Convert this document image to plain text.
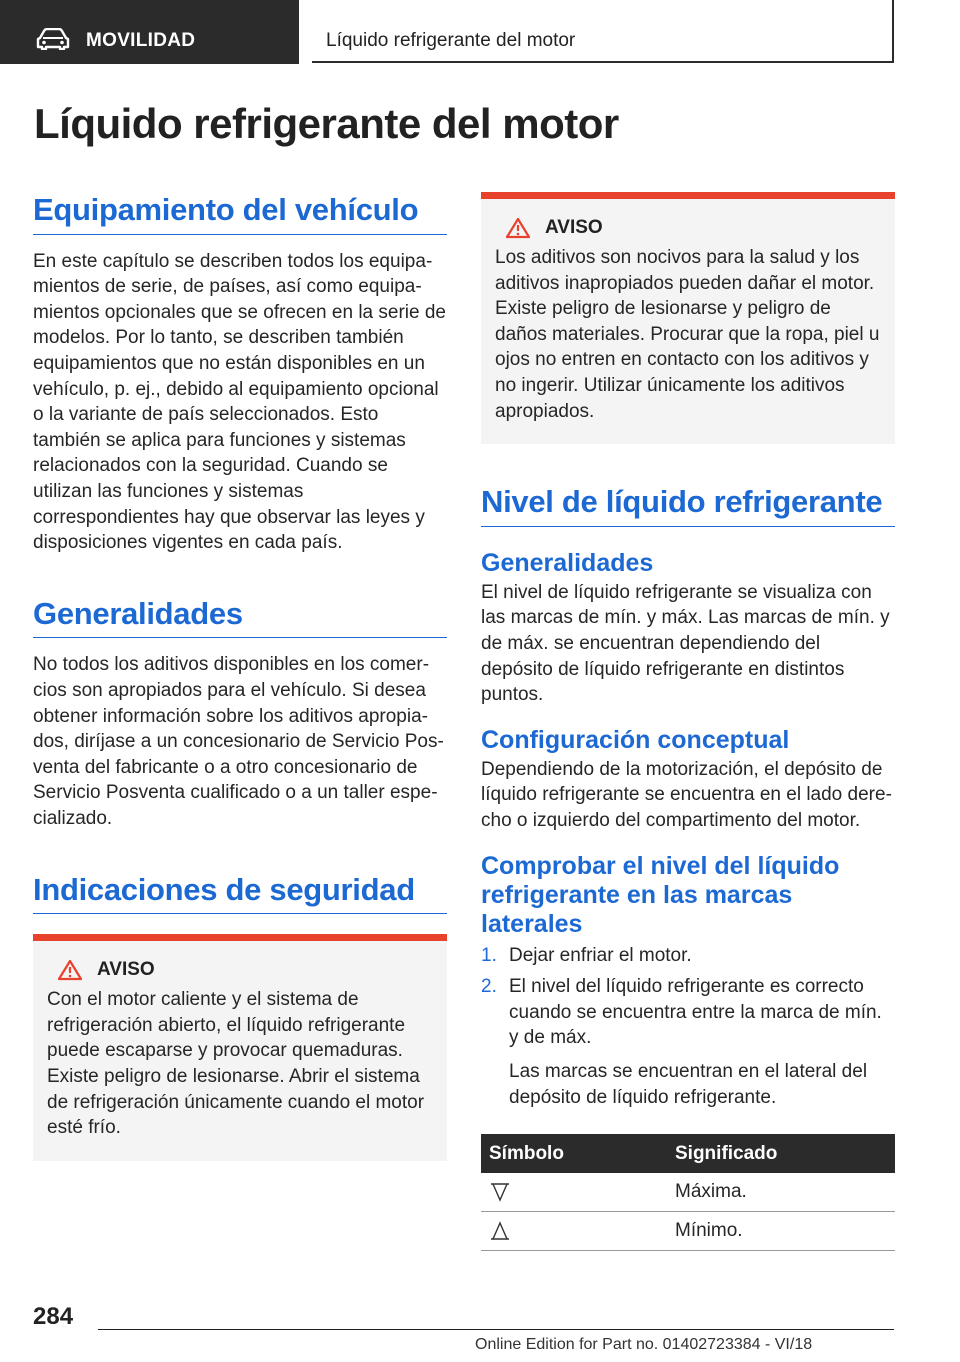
MOVILIDAD	Líquido refrigerante del motor
Líquido refrigerante del motor
Equipamiento del vehículo

En este capítulo se describen todos los equipamientos de serie, de países, así como equipamientos opcionales que se ofrecen en la serie de modelos. Por lo tanto, se describen también equipamientos que no están disponibles en un vehículo, p. ej., debido al equipamiento opcional o la variante de país seleccionados. Esto también se aplica para funciones y sistemas relacionados con la seguridad. Cuando se utilizan las funciones y sistemas correspondientes hay que observar las leyes y disposiciones vigentes en cada país.

Generalidades

No todos los aditivos disponibles en los comercios son apropiados para el vehículo. Si desea obtener información sobre los aditivos apropiados, diríjase a un concesionario de Servicio Posventa del fabricante o a otro concesionario de Servicio Posventa cualificado o a un taller especializado.

Indicaciones de seguridad
AVISO

Con el motor caliente y el sistema de refrigeración abierto, el líquido refrigerante puede escaparse y provocar quemaduras. Existe peligro de lesionarse. Abrir el sistema de refrigeración únicamente cuando el motor esté frío.

AVISO

Los aditivos son nocivos para la salud y los aditivos inapropiados pueden dañar el motor. Existe peligro de lesionarse y peligro de daños materiales. Procurar que la ropa, piel u ojos no entren en contacto con los aditivos y no ingerir. Utilizar únicamente los aditivos apropiados.

Nivel de líquido refrigerante
Generalidades

El nivel de líquido refrigerante se visualiza con las marcas de mín. y máx. Las marcas de mín. y de máx. se encuentran dependiendo del depósito de líquido refrigerante en distintos puntos.

Configuración conceptual

Dependiendo de la motorización, el depósito de líquido refrigerante se encuentra en el lado derecho o izquierdo del compartimento del motor.

Comprobar el nivel del líquido refrigerante en las marcas laterales
1. Dejar enfriar el motor.
2. El nivel del líquido refrigerante es correcto cuando se encuentra entre la marca de mín. y de máx.
Las marcas se encuentran en el lateral del depósito de líquido refrigerante.
Símbolo	Significado
	Máxima.
	Mínimo.
284
Online Edition for Part no. 01402723384 - VI/18
